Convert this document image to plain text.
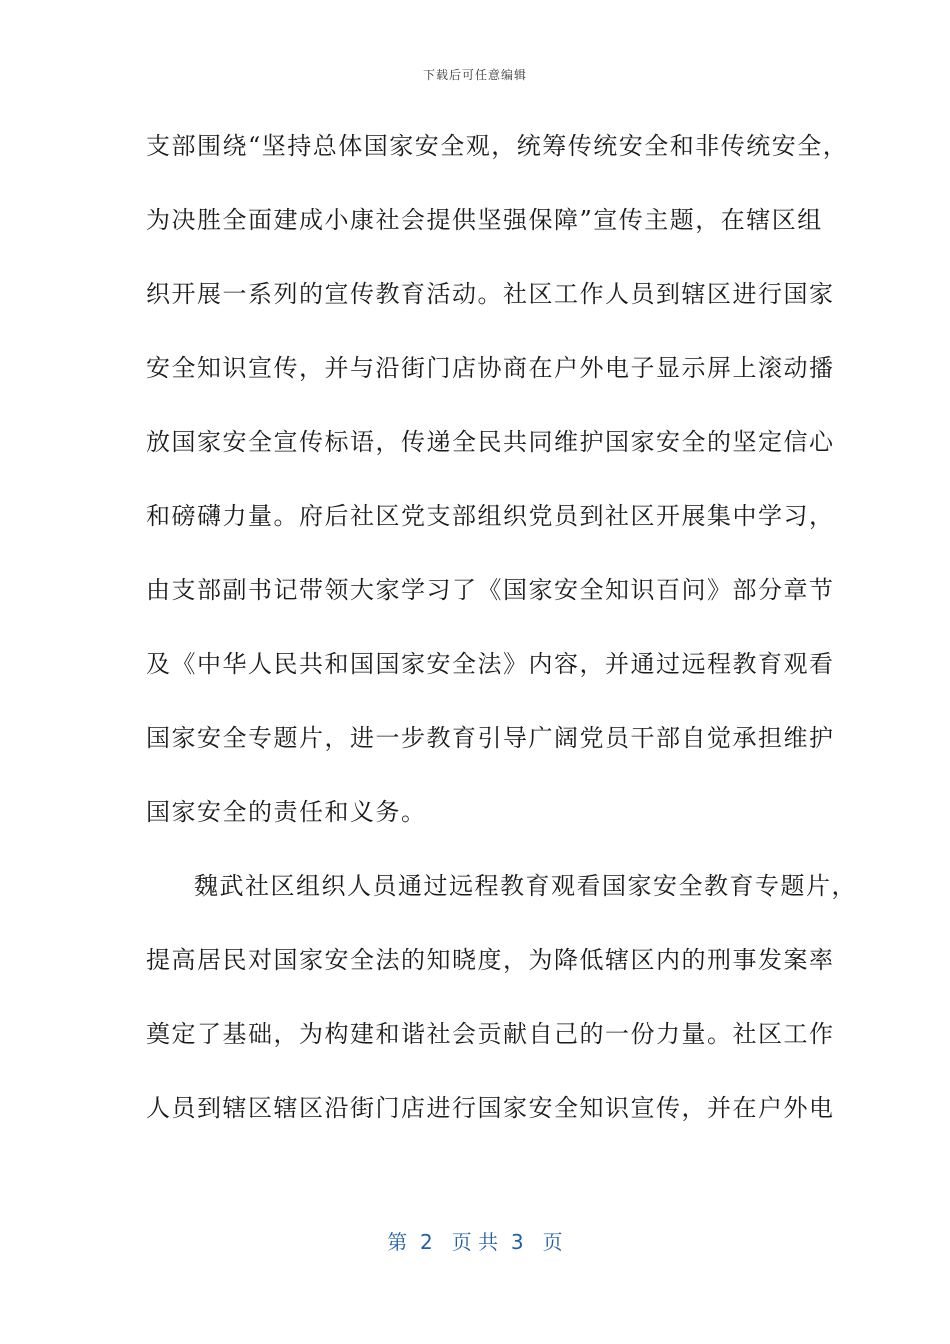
下载后可任意编辑
支部围绕“坚持总体国家安全观，统筹传统安全和非传统安全，
为决胜全面建成小康社会提供坚强保障”宣传主题，在辖区组
织开展一系列的宣传教育活动。社区工作人员到辖区进行国家
安全知识宣传，并与沿街门店协商在户外电子显示屏上滚动播
放国家安全宣传标语，传递全民共同维护国家安全的坚定信心
和磅礴力量。府后社区党支部组织党员到社区开展集中学习，
由支部副书记带领大家学习了《国家安全知识百问》部分章节
及《中华人民共和国国家安全法》内容，并通过远程教育观看
国家安全专题片，进一步教育引导广阔党员干部自觉承担维护
国家安全的责任和义务。
魏武社区组织人员通过远程教育观看国家安全教育专题片，
提高居民对国家安全法的知晓度，为降低辖区内的刑事发案率
奠定了基础，为构建和谐社会贡献自己的一份力量。社区工作
人员到辖区辖区沿街门店进行国家安全知识宣传，并在户外电
第  2   页 共  3   页
